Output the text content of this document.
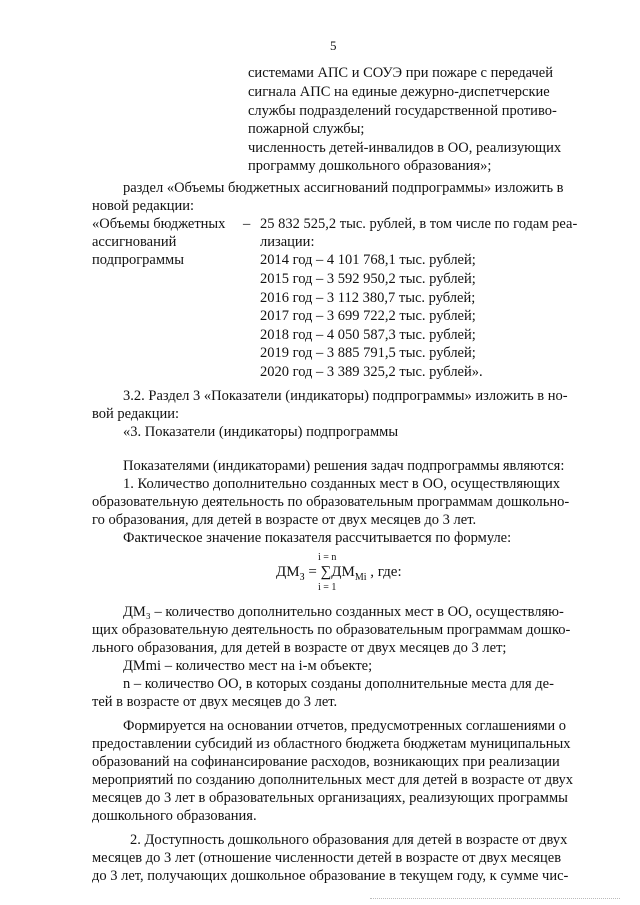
5
системами АПС и СОУЭ при пожаре с передачей
сигнала АПС на единые дежурно-диспетчерские
службы подразделений государственной противо-
пожарной службы;
численность детей-инвалидов в ОО, реализующих
программу дошкольного образования»;
раздел «Объемы бюджетных ассигнований подпрограммы» изложить в
новой редакции:
«Объемы бюджетных
ассигнований
подпрограммы
– 25 832 525,2 тыс. рублей, в том числе по годам реа-
лизации:
2014 год – 4 101 768,1 тыс. рублей;
2015 год – 3 592 950,2 тыс. рублей;
2016 год – 3 112 380,7 тыс. рублей;
2017 год – 3 699 722,2 тыс. рублей;
2018 год – 4 050 587,3 тыс. рублей;
2019 год – 3 885 791,5 тыс. рублей;
2020 год – 3 389 325,2 тыс. рублей».
3.2. Раздел 3 «Показатели (индикаторы) подпрограммы» изложить в но-
вой редакции:
«3. Показатели (индикаторы) подпрограммы
Показателями (индикаторами) решения задач подпрограммы являются:
1. Количество дополнительно созданных мест в ОО, осуществляющих
образовательную деятельность по образовательным программам дошкольно-
го образования, для детей в возрасте от двух месяцев до 3 лет.
Фактическое значение показателя рассчитывается по формуле:
i = n
$ДМ_З = \sum ДМ_{Mi}$ , где:
i = 1
ДМ₃ – количество дополнительно созданных мест в ОО, осуществляю-
щих образовательную деятельность по образовательным программам дошко-
льного образования, для детей в возрасте от двух месяцев до 3 лет;
ДМmi – количество мест на i-м объекте;
n – количество ОО, в которых созданы дополнительные места для де-
тей в возрасте от двух месяцев до 3 лет.
Формируется на основании отчетов, предусмотренных соглашениями о
предоставлении субсидий из областного бюджета бюджетам муниципальных
образований на софинансирование расходов, возникающих при реализации
мероприятий по созданию дополнительных мест для детей в возрасте от двух
месяцев до 3 лет в образовательных организациях, реализующих программы
дошкольного образования.
2. Доступность дошкольного образования для детей в возрасте от двух
месяцев до 3 лет (отношение численности детей в возрасте от двух месяцев
до 3 лет, получающих дошкольное образование в текущем году, к сумме чис-
